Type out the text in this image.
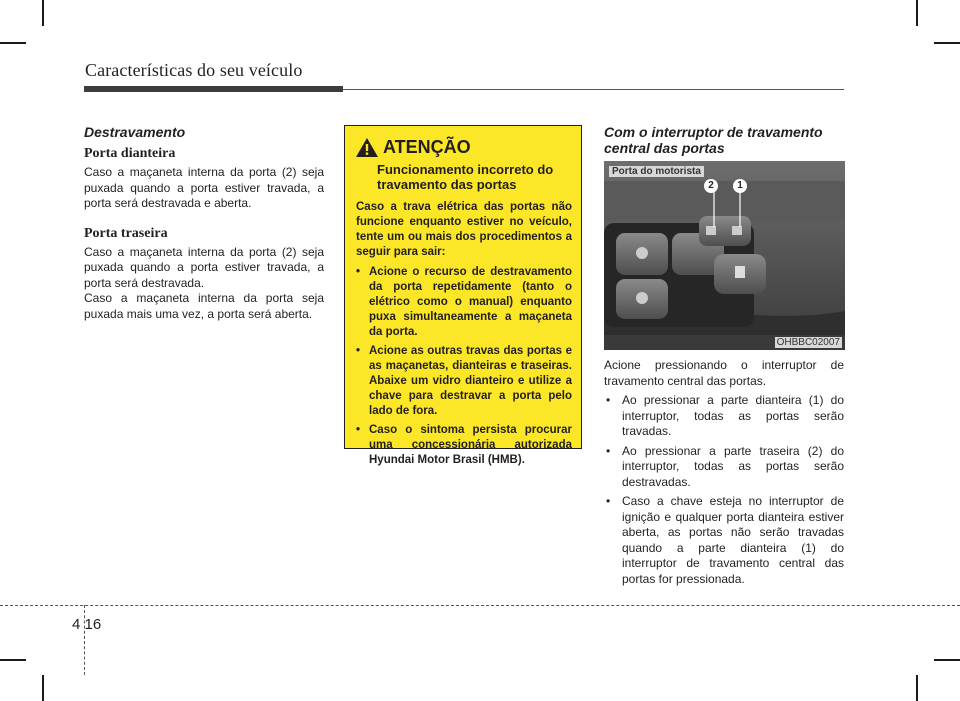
Características do seu veículo
Destravamento
Porta dianteira
Caso a maçaneta interna da porta (2) seja puxada quando a porta estiver travada, a porta será destravada e aberta.
Porta traseira
Caso a maçaneta interna da porta (2) seja puxada quando a porta estiver travada, a porta será destravada.
Caso a maçaneta interna da porta seja puxada mais uma vez, a porta será aberta.
ATENÇÃO
Funcionamento incorreto do travamento das portas
Caso a trava elétrica das portas não funcione enquanto estiver no veículo, tente um ou mais dos procedimentos a seguir para sair:
• Acione o recurso de destravamento da porta repetidamente (tanto o elétrico como o manual) enquanto puxa simultaneamente a maçaneta da porta.
• Acione as outras travas das portas e as maçanetas, dianteiras e traseiras. Abaixe um vidro dianteiro e utilize a chave para destravar a porta pelo lado de fora.
• Caso o sintoma persista procurar uma concessionária autorizada Hyundai Motor Brasil (HMB).
Com o interruptor de travamento central das portas
Porta do motorista
2	1
OHBBC02007
Acione pressionando o interruptor de travamento central das portas.
• Ao pressionar a parte dianteira (1) do interruptor, todas as portas serão travadas.
• Ao pressionar a parte traseira (2) do interruptor, todas as portas serão destravadas.
• Caso a chave esteja no interruptor de ignição e qualquer porta dianteira estiver aberta, as portas não serão travadas quando a parte dianteira (1) do interruptor de travamento central das portas for pressionada.
4 16
